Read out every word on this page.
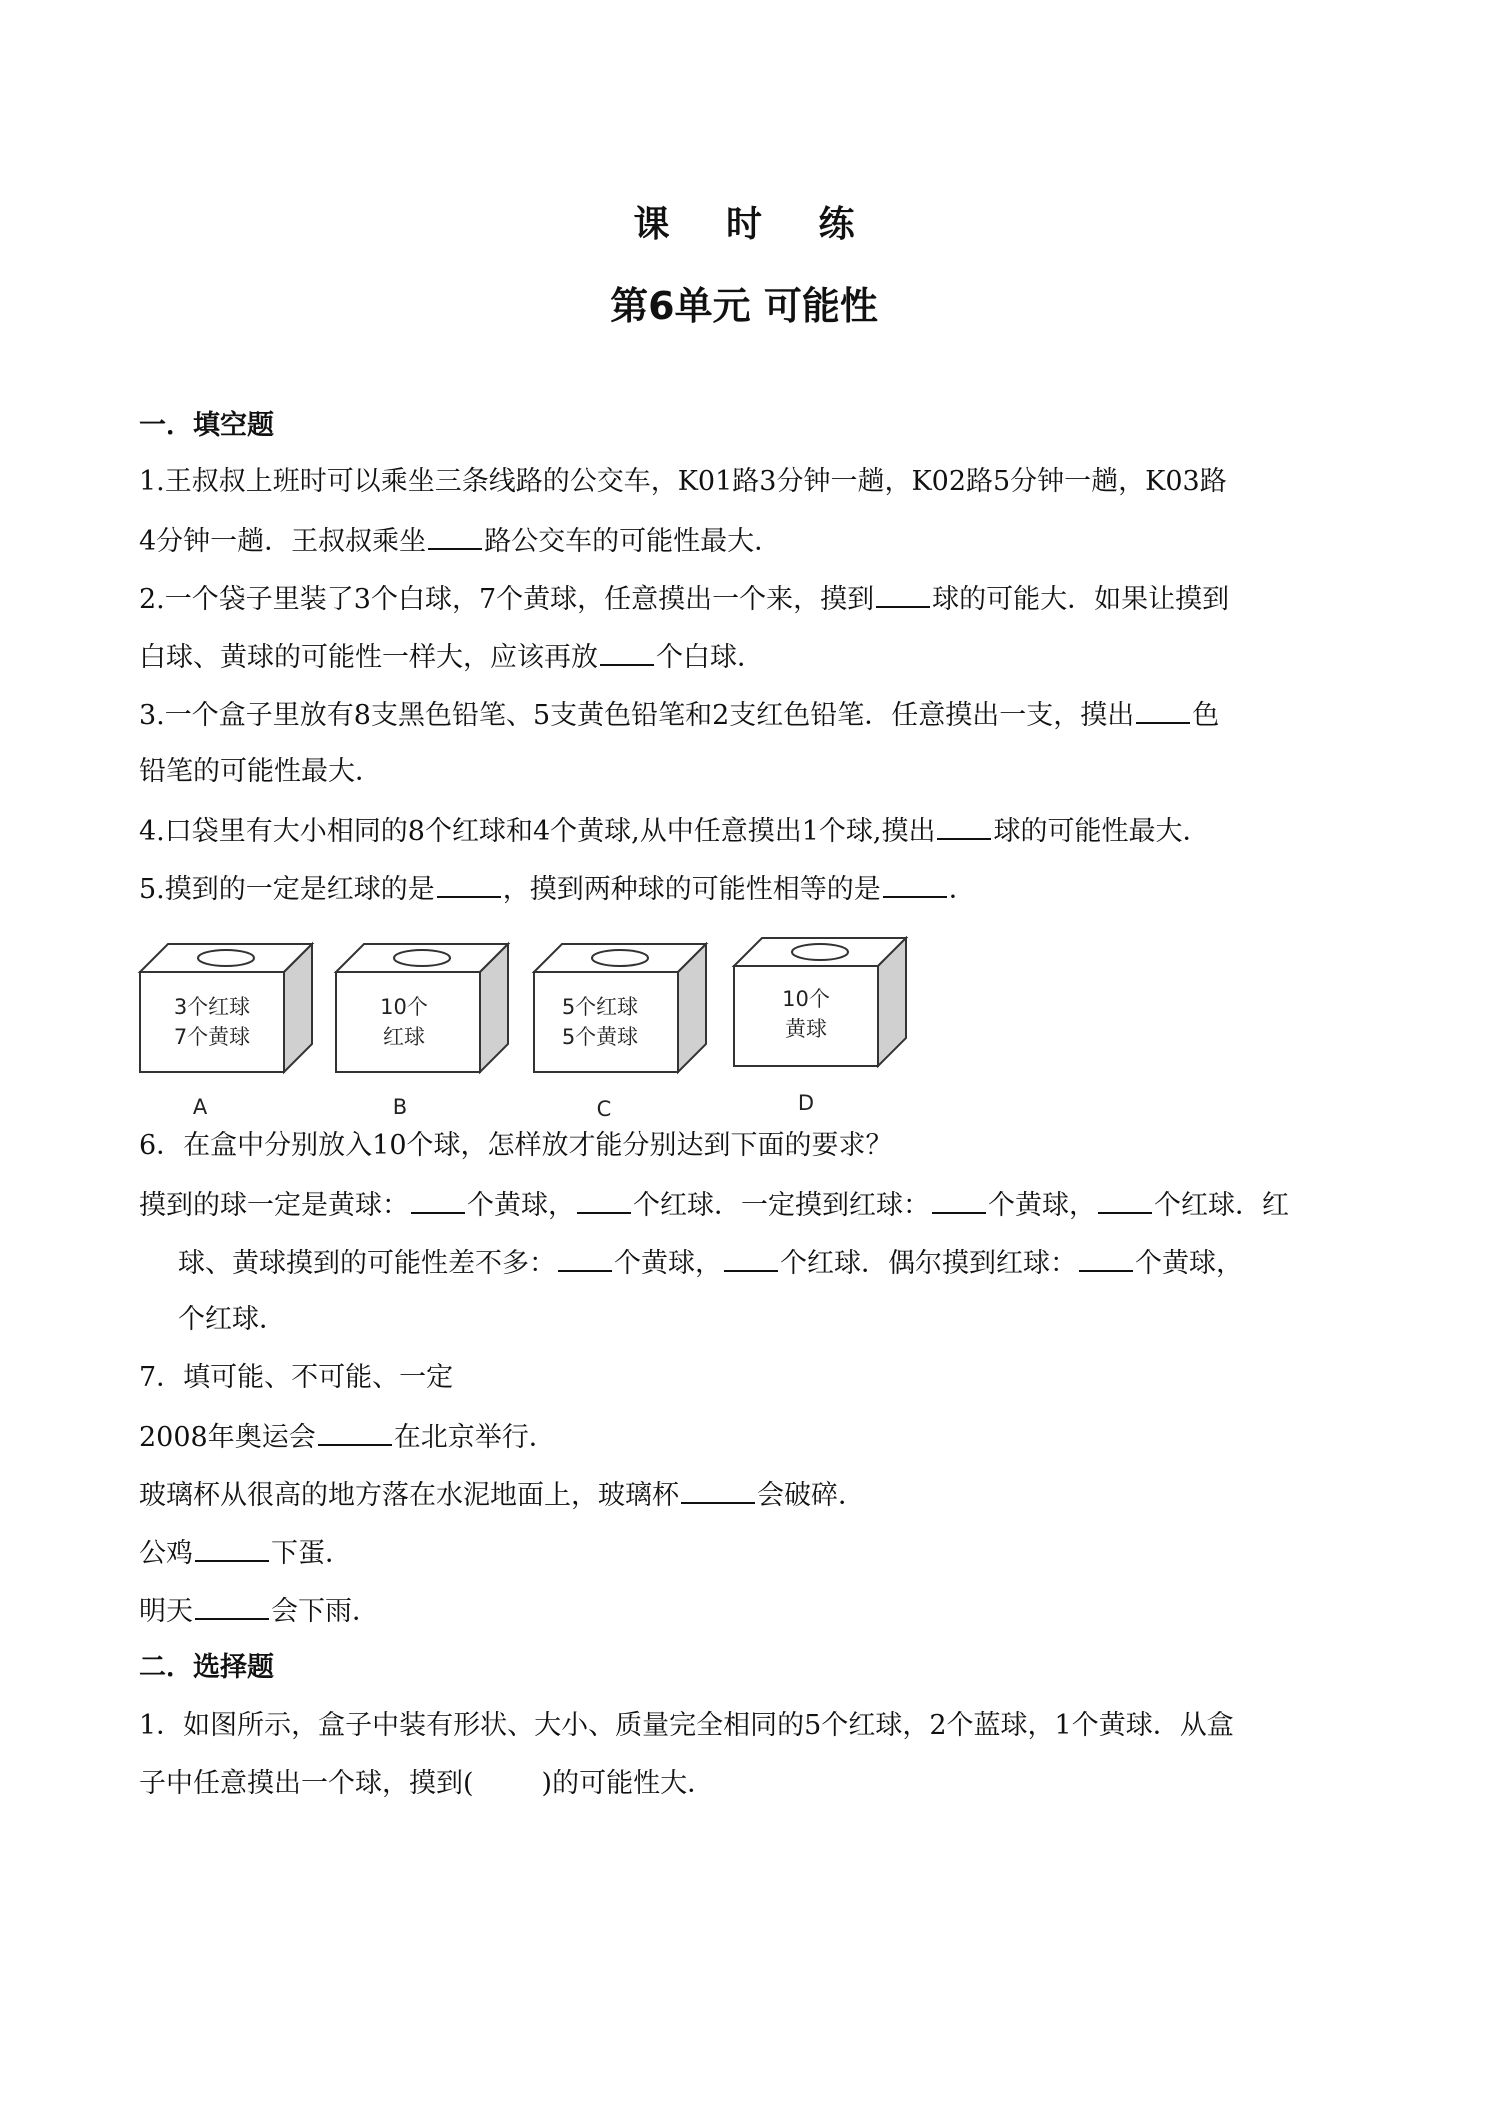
课 时 练
第6单元 可能性
一．填空题
1.王叔叔上班时可以乘坐三条线路的公交车，K01路3分钟一趟，K02路5分钟一趟，K03路
4分钟一趟．王叔叔乘坐 路公交车的可能性最大．
2.一个袋子里装了3个白球，7个黄球，任意摸出一个来，摸到 球的可能大．如果让摸到
白球、黄球的可能性一样大，应该再放 个白球．
3.一个盒子里放有8支黑色铅笔、5支黄色铅笔和2支红色铅笔．任意摸出一支，摸出 色
铅笔的可能性最大．
4.口袋里有大小相同的8个红球和4个黄球,从中任意摸出1个球,摸出 球的可能性最大．
5.摸到的一定是红球的是	，摸到两种球的可能性相等的是	．
3个红球
7个黄球
A
10个
红球
B
5个红球
5个黄球
C
10个
黄球
D
6．在盒中分别放入10个球，怎样放才能分别达到下面的要求？
摸到的球一定是黄球： 个黄球， 个红球．一定摸到红球： 个黄球， 个红球．红
球、黄球摸到的可能性差不多： 个黄球， 个红球．偶尔摸到红球： 个黄球，
个红球．
7．填可能、不可能、一定
2008年奥运会	在北京举行．
玻璃杯从很高的地方落在水泥地面上，玻璃杯	会破碎．
公鸡	下蛋．
明天	会下雨．
二．选择题
1．如图所示，盒子中装有形状、大小、质量完全相同的5个红球，2个蓝球，1个黄球．从盒
子中任意摸出一个球，摸到(	)的可能性大．
